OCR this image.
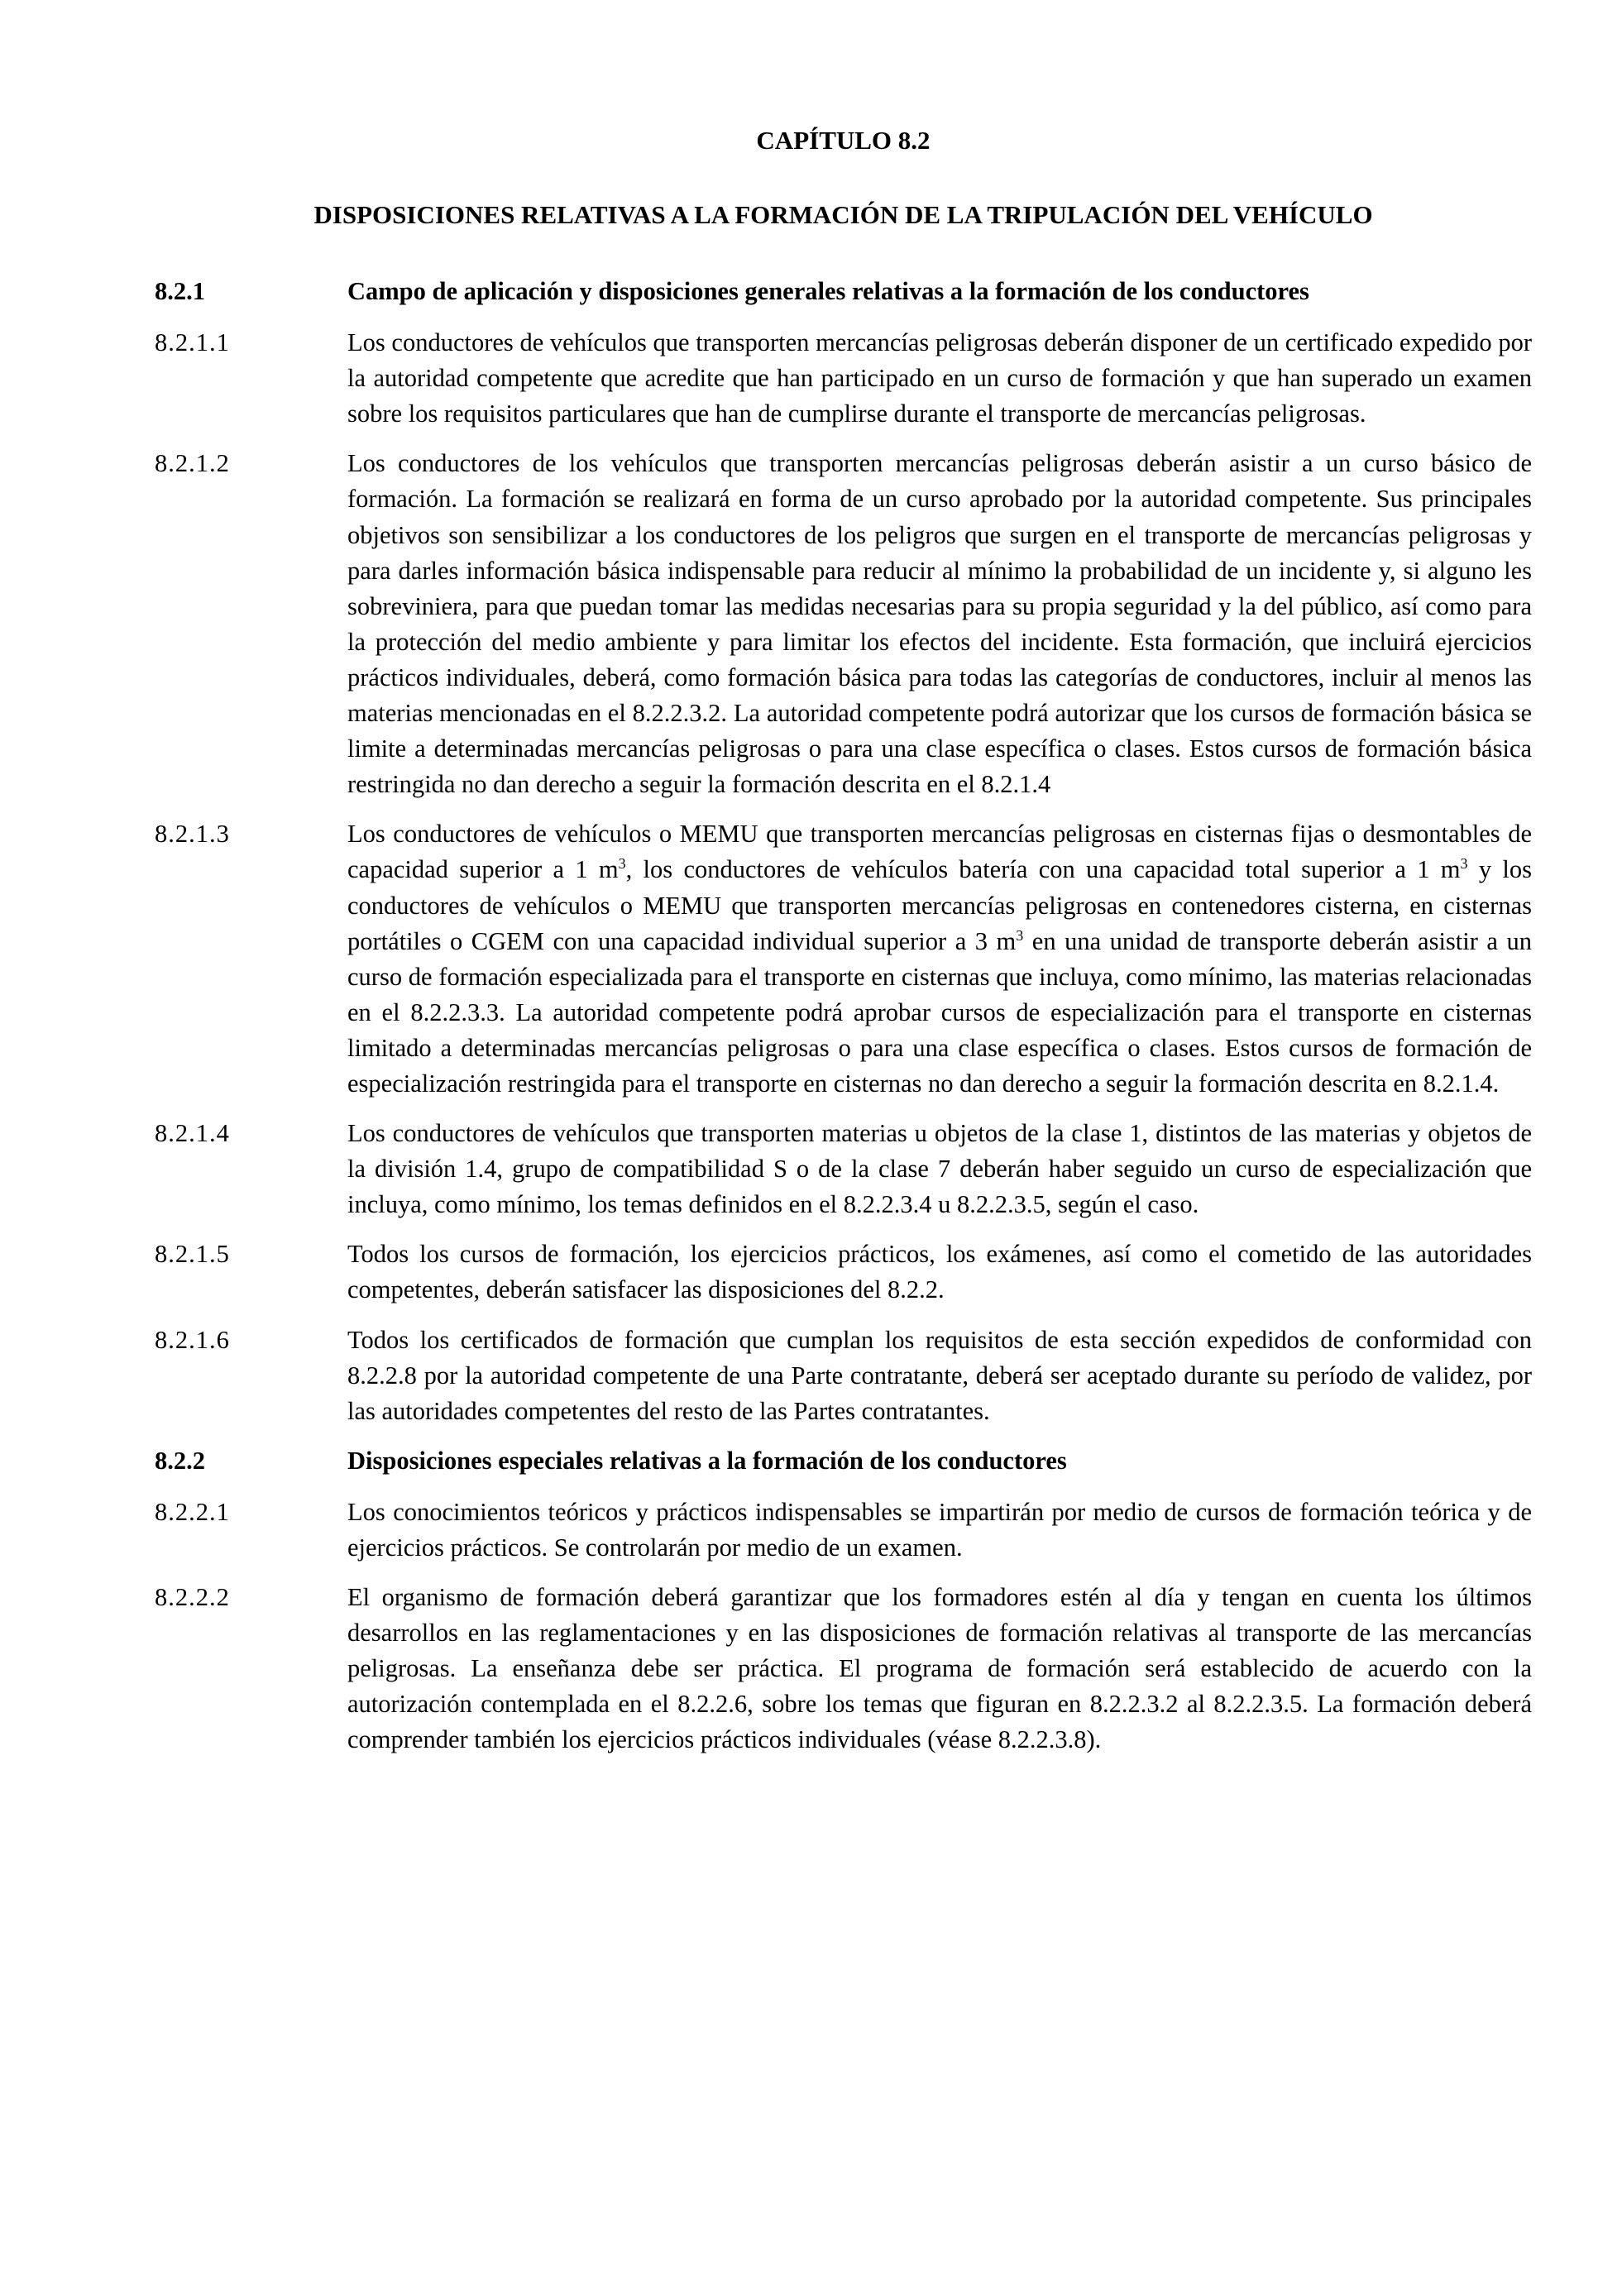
CAPÍTULO 8.2
DISPOSICIONES RELATIVAS A LA FORMACIÓN DE LA TRIPULACIÓN DEL VEHÍCULO
8.2.1	Campo de aplicación y disposiciones generales relativas a la formación de los conductores
8.2.1.1	Los conductores de vehículos que transporten mercancías peligrosas deberán disponer de un certificado expedido por la autoridad competente que acredite que han participado en un curso de formación y que han superado un examen sobre los requisitos particulares que han de cumplirse durante el transporte de mercancías peligrosas.
8.2.1.2	Los conductores de los vehículos que transporten mercancías peligrosas deberán asistir a un curso básico de formación. La formación se realizará en forma de un curso aprobado por la autoridad competente. Sus principales objetivos son sensibilizar a los conductores de los peligros que surgen en el transporte de mercancías peligrosas y para darles información básica indispensable para reducir al mínimo la probabilidad de un incidente y, si alguno les sobreviniera, para que puedan tomar las medidas necesarias para su propia seguridad y la del público, así como para la protección del medio ambiente y para limitar los efectos del incidente. Esta formación, que incluirá ejercicios prácticos individuales, deberá, como formación básica para todas las categorías de conductores, incluir al menos las materias mencionadas en el 8.2.2.3.2. La autoridad competente podrá autorizar que los cursos de formación básica se limite a determinadas mercancías peligrosas o para una clase específica o clases. Estos cursos de formación básica restringida no dan derecho a seguir la formación descrita en el 8.2.1.4
8.2.1.3	Los conductores de vehículos o MEMU que transporten mercancías peligrosas en cisternas fijas o desmontables de capacidad superior a 1 $m^3$, los conductores de vehículos batería con una capacidad total superior a 1 $m^3$ y los conductores de vehículos o MEMU que transporten mercancías peligrosas en contenedores cisterna, en cisternas portátiles o CGEM con una capacidad individual superior a 3 $m^3$ en una unidad de transporte deberán asistir a un curso de formación especializada para el transporte en cisternas que incluya, como mínimo, las materias relacionadas en el 8.2.2.3.3. La autoridad competente podrá aprobar cursos de especialización para el transporte en cisternas limitado a determinadas mercancías peligrosas o para una clase específica o clases. Estos cursos de formación de especialización restringida para el transporte en cisternas no dan derecho a seguir la formación descrita en 8.2.1.4.
8.2.1.4	Los conductores de vehículos que transporten materias u objetos de la clase 1, distintos de las materias y objetos de la división 1.4, grupo de compatibilidad S o de la clase 7 deberán haber seguido un curso de especialización que incluya, como mínimo, los temas definidos en el 8.2.2.3.4 u 8.2.2.3.5, según el caso.
8.2.1.5	Todos los cursos de formación, los ejercicios prácticos, los exámenes, así como el cometido de las autoridades competentes, deberán satisfacer las disposiciones del 8.2.2.
8.2.1.6	Todos los certificados de formación que cumplan los requisitos de esta sección expedidos de conformidad con 8.2.2.8 por la autoridad competente de una Parte contratante, deberá ser aceptado durante su período de validez, por las autoridades competentes del resto de las Partes contratantes.
8.2.2	Disposiciones especiales relativas a la formación de los conductores
8.2.2.1	Los conocimientos teóricos y prácticos indispensables se impartirán por medio de cursos de formación teórica y de ejercicios prácticos. Se controlarán por medio de un examen.
8.2.2.2	El organismo de formación deberá garantizar que los formadores estén al día y tengan en cuenta los últimos desarrollos en las reglamentaciones y en las disposiciones de formación relativas al transporte de las mercancías peligrosas. La enseñanza debe ser práctica. El programa de formación será establecido de acuerdo con la autorización contemplada en el 8.2.2.6, sobre los temas que figuran en 8.2.2.3.2 al 8.2.2.3.5. La formación deberá comprender también los ejercicios prácticos individuales (véase 8.2.2.3.8).
